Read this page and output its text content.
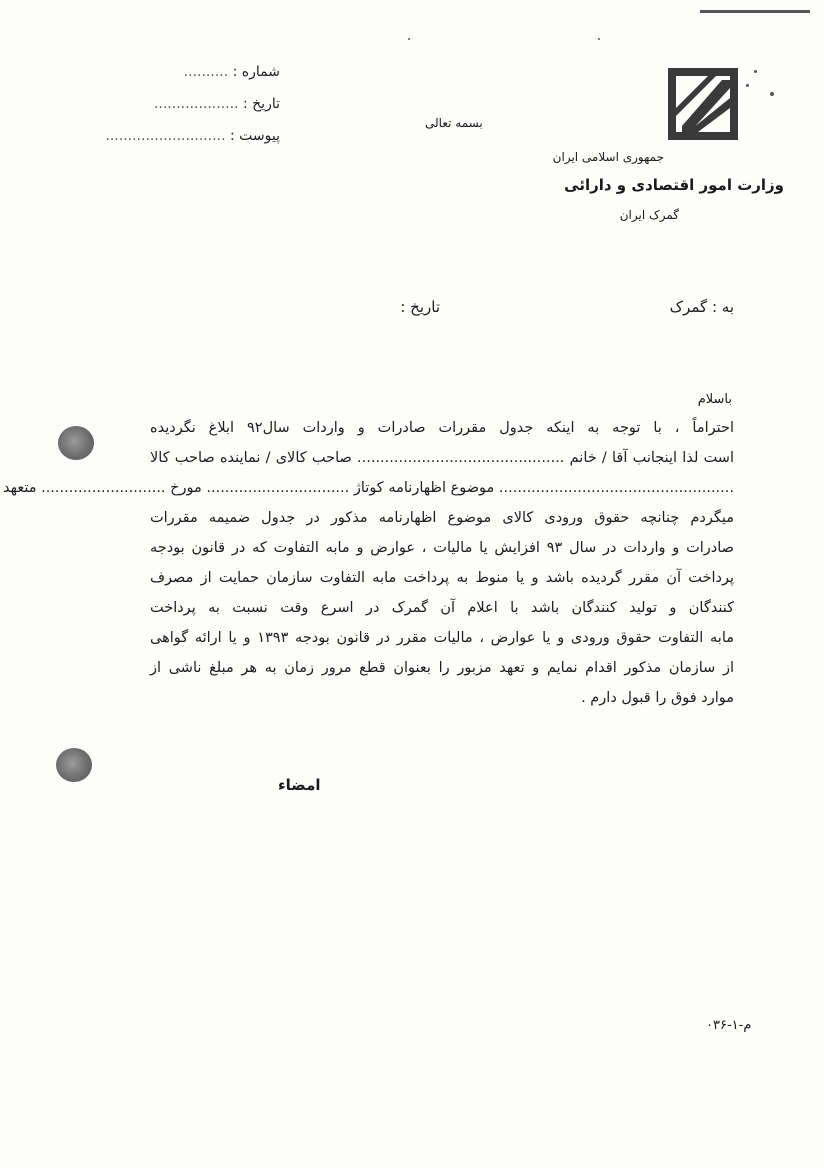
شماره : ..........
تاریخ : ...................
پیوست : ...........................
بسمه تعالی
جمهوری اسلامی ایران
وزارت امور اقتصادی و دارائی
گمرک ایران
به : گمرک
تاریخ :
باسلام
احتراماً ، با توجه به اینکه جدول مقررات صادرات و واردات سال۹۲ ابلاغ نگردیده
است لذا اینجانب آقا / خانم ............................................. صاحب کالای / نماینده صاحب کالا
................................................... موضوع اظهارنامه کوتاژ ............................... مورخ ........................... متعهد
میگردم چنانچه حقوق ورودی کالای موضوع اظهارنامه مذکور در جدول ضمیمه مقررات
صادرات و واردات در سال ۹۳ افزایش یا مالیات ، عوارض و مابه التفاوت که در قانون بودجه
پرداخت آن مقرر گردیده باشد و یا منوط به پرداخت مابه التفاوت سازمان حمایت از مصرف
کنندگان و تولید کنندگان باشد با اعلام آن گمرک در اسرع وقت نسبت به پرداخت
مابه التفاوت حقوق ورودی و یا عوارض ، مالیات مقرر در قانون بودجه ۱۳۹۳ و یا ارائه گواهی
از سازمان مذکور اقدام نمایم و تعهد مزبور را بعنوان قطع مرور زمان به هر مبلغ ناشی از
موارد فوق را قبول دارم .
امضاء
م-۱-۰۳۶
